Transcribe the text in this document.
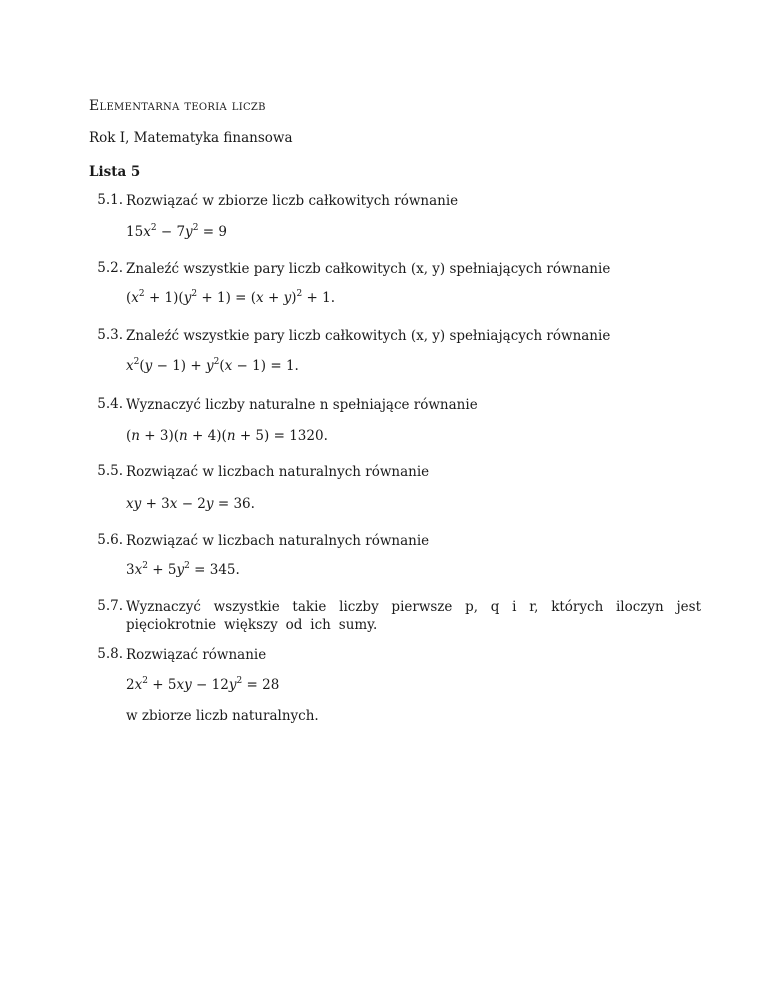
Elementarna teoria liczb
Rok I, Matematyka finansowa
Lista 5
5.1. Rozwiązać w zbiorze liczb całkowitych równanie
$15x^2 - 7y^2 = 9$
5.2. Znaleźć wszystkie pary liczb całkowitych (x, y) spełniających równanie
$(x^2 + 1)(y^2 + 1) = (x + y)^2 + 1$.
5.3. Znaleźć wszystkie pary liczb całkowitych (x, y) spełniających równanie
$x^2(y - 1) + y^2(x - 1) = 1$.
5.4. Wyznaczyć liczby naturalne n spełniające równanie
(n + 3)(n + 4)(n + 5) = 1320.
5.5. Rozwiązać w liczbach naturalnych równanie
xy + 3x − 2y = 36.
5.6. Rozwiązać w liczbach naturalnych równanie
$3x^2 + 5y^2 = 345$.
5.7. Wyznaczyć wszystkie takie liczby pierwsze p, q i r, których iloczyn jest pięciokrotnie większy od ich sumy.
5.8. Rozwiązać równanie
$2x^2 + 5xy - 12y^2 = 28$
w zbiorze liczb naturalnych.
